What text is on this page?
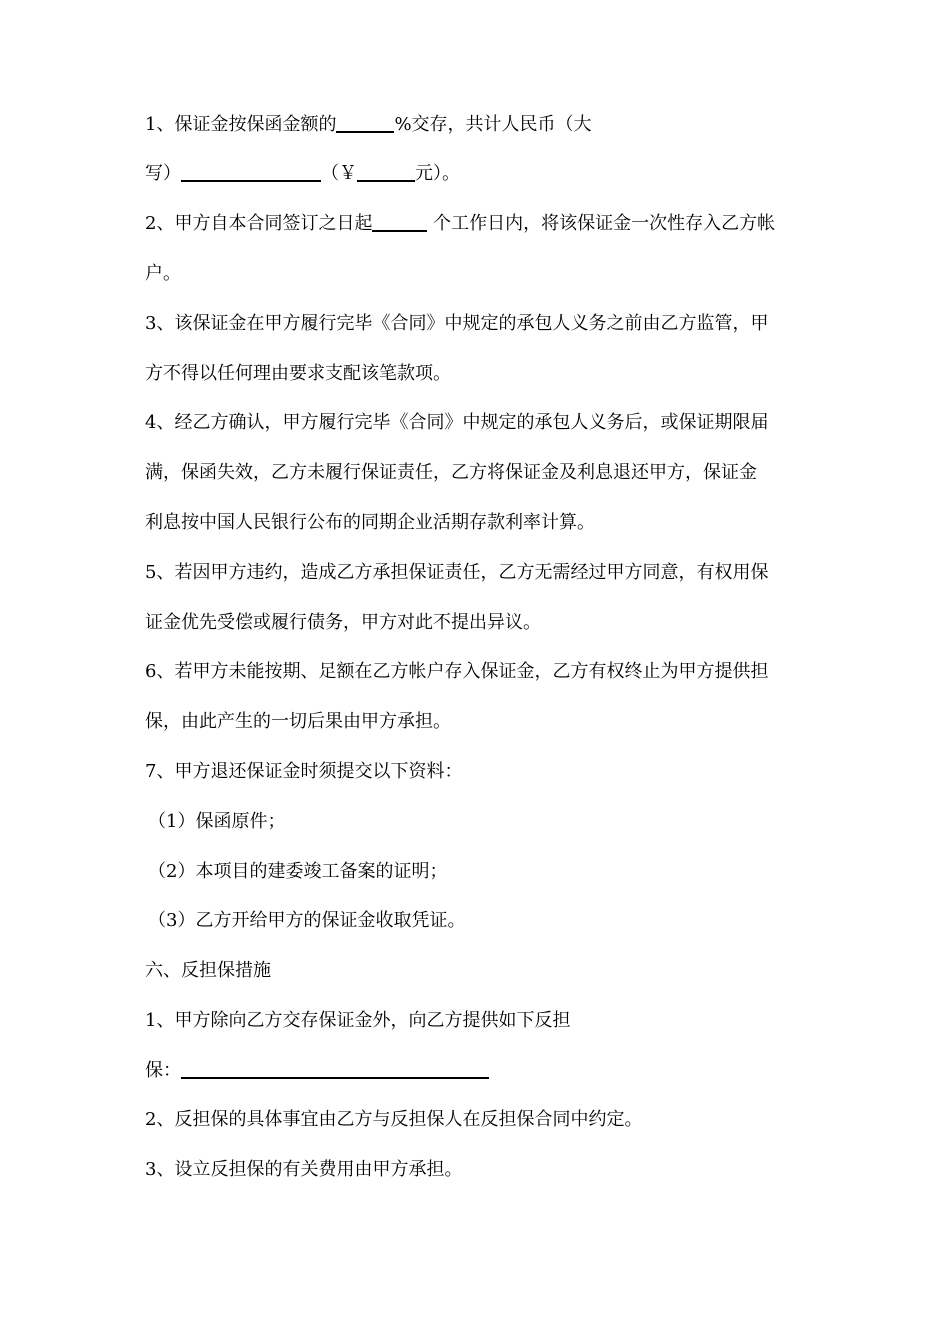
1、保证金按保函金额的	%交存，共计人民币（大
写）	（￥	元）。
2、甲方自本合同签订之日起	个工作日内，将该保证金一次性存入乙方帐
户。
3、该保证金在甲方履行完毕《合同》中规定的承包人义务之前由乙方监管，甲
方不得以任何理由要求支配该笔款项。
4、经乙方确认，甲方履行完毕《合同》中规定的承包人义务后，或保证期限届
满，保函失效，乙方未履行保证责任，乙方将保证金及利息退还甲方，保证金
利息按中国人民银行公布的同期企业活期存款利率计算。
5、若因甲方违约，造成乙方承担保证责任，乙方无需经过甲方同意，有权用保
证金优先受偿或履行债务，甲方对此不提出异议。
6、若甲方未能按期、足额在乙方帐户存入保证金，乙方有权终止为甲方提供担
保，由此产生的一切后果由甲方承担。
7、甲方退还保证金时须提交以下资料：
（1）保函原件；
（2）本项目的建委竣工备案的证明；
（3）乙方开给甲方的保证金收取凭证。
六、反担保措施
1、甲方除向乙方交存保证金外，向乙方提供如下反担
保：
2、反担保的具体事宜由乙方与反担保人在反担保合同中约定。
3、设立反担保的有关费用由甲方承担。
